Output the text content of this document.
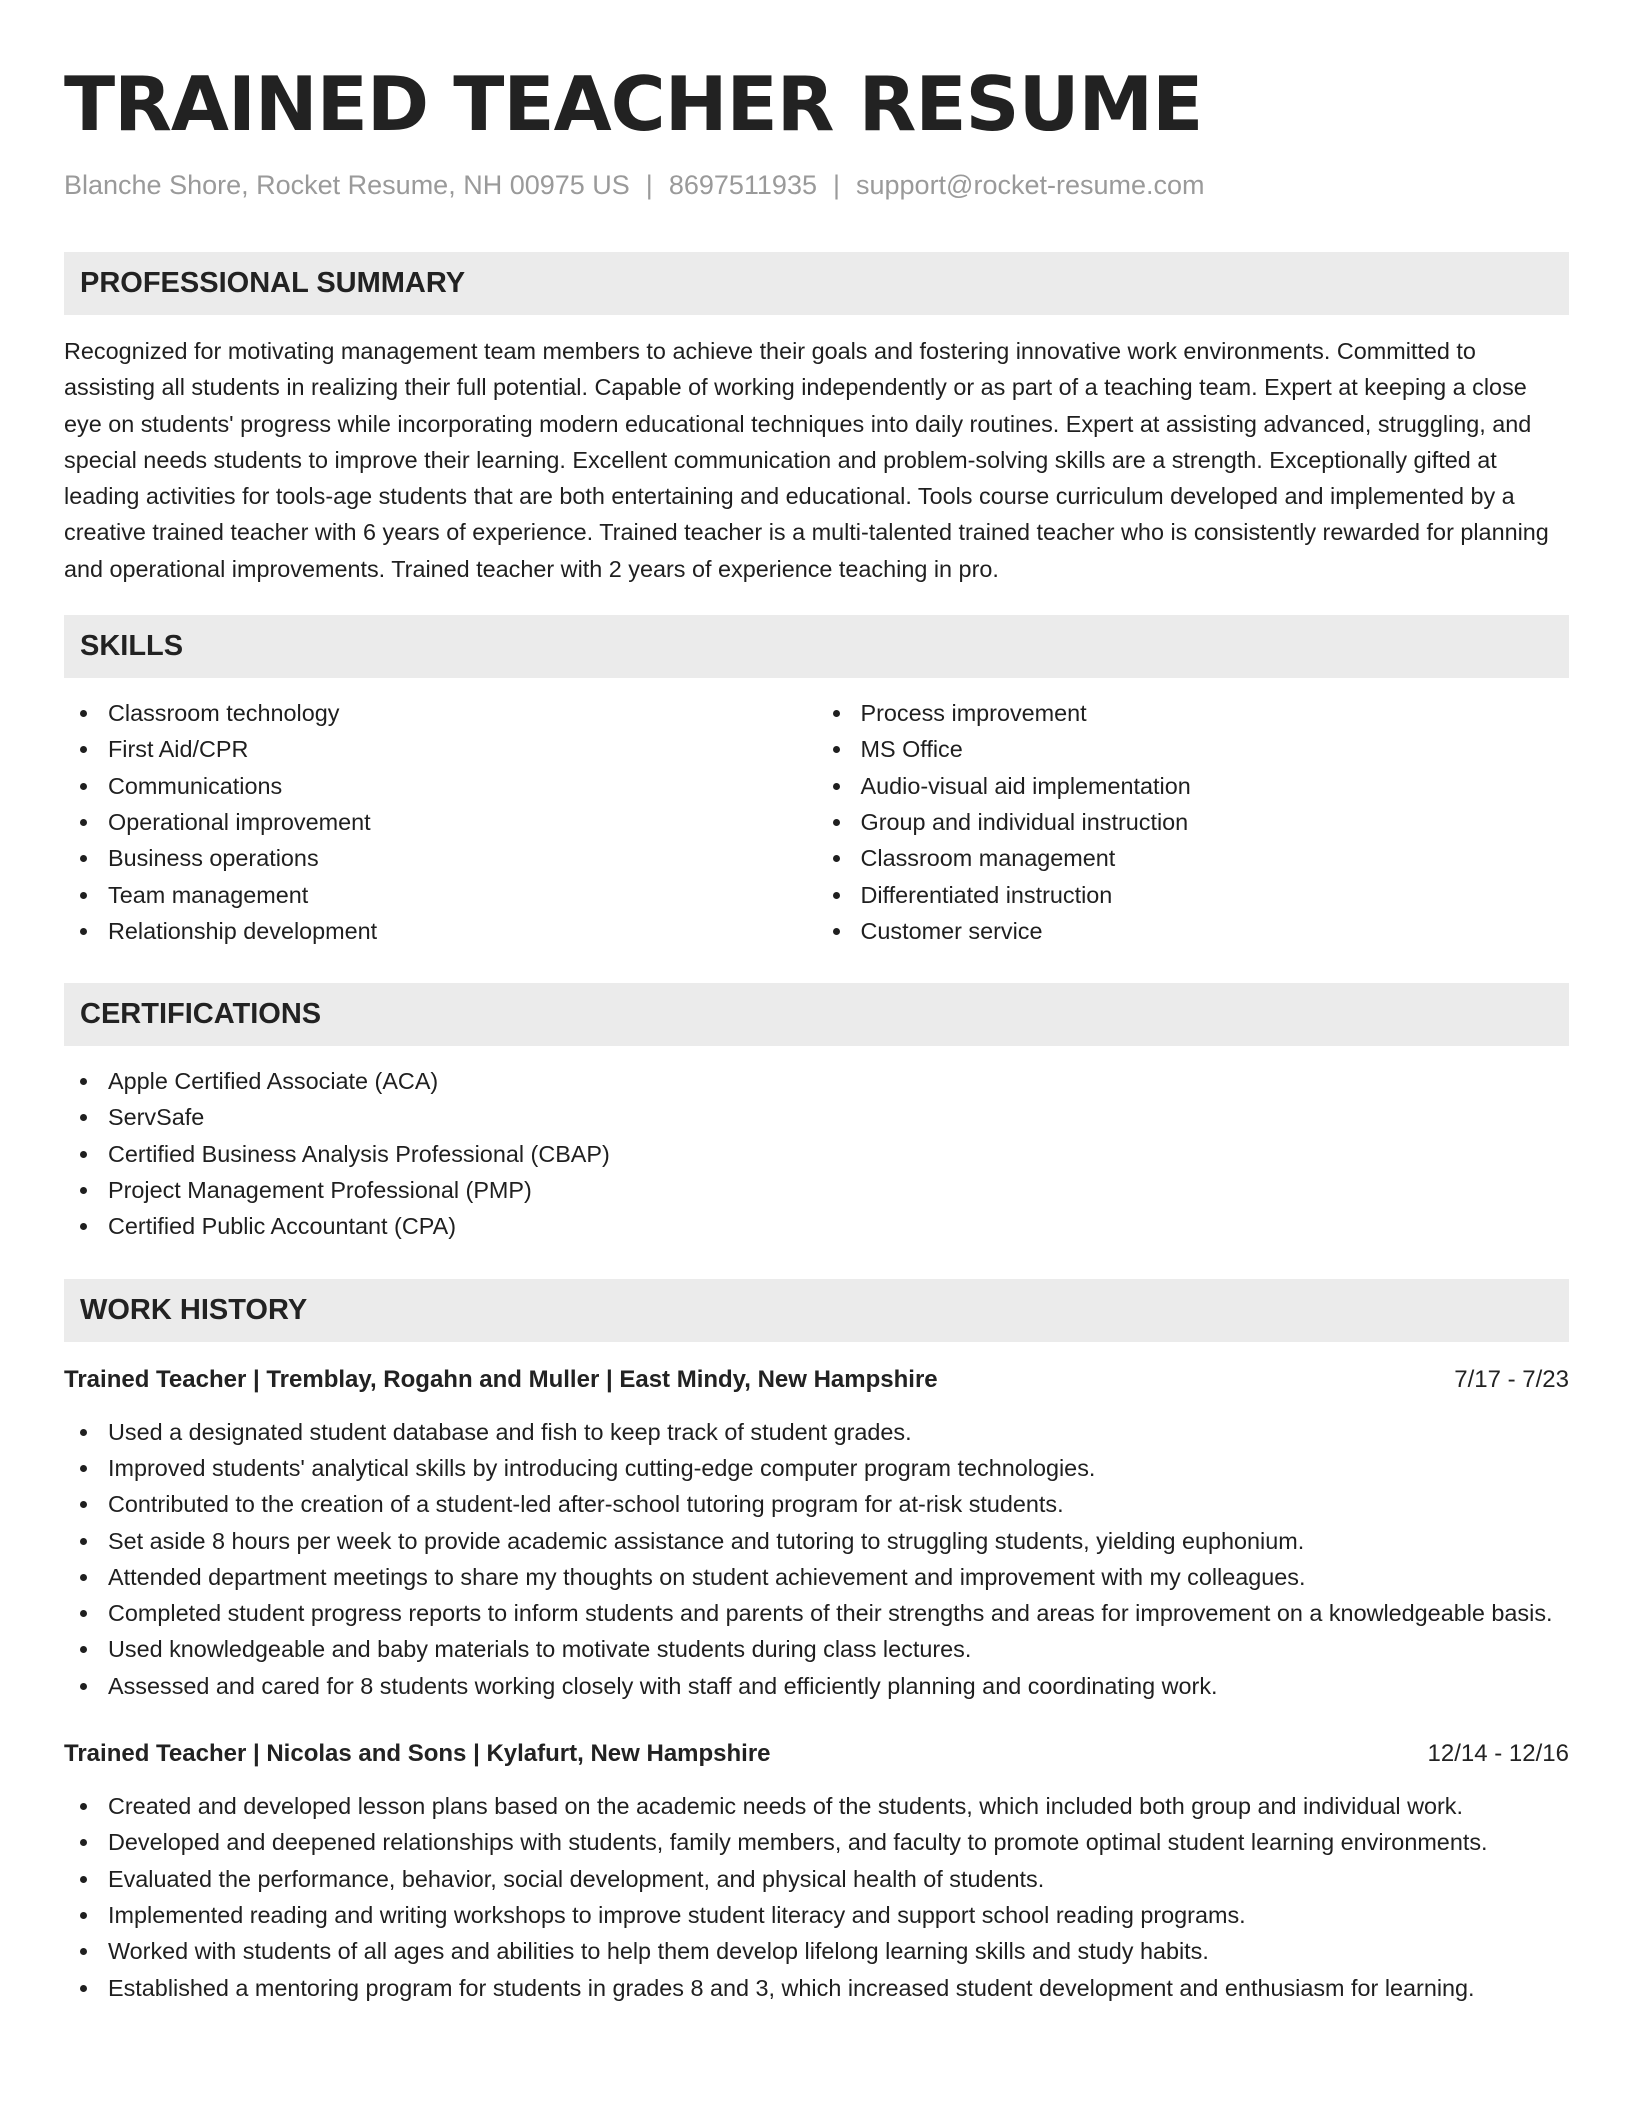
TRAINED TEACHER RESUME
Blanche Shore, Rocket Resume, NH 00975 US | 8697511935 | support@rocket-resume.com
PROFESSIONAL SUMMARY

Recognized for motivating management team members to achieve their goals and fostering innovative work environments. Committed to assisting all students in realizing their full potential. Capable of working independently or as part of a teaching team. Expert at keeping a close eye on students' progress while incorporating modern educational techniques into daily routines. Expert at assisting advanced, struggling, and special needs students to improve their learning. Excellent communication and problem-solving skills are a strength. Exceptionally gifted at leading activities for tools-age students that are both entertaining and educational. Tools course curriculum developed and implemented by a creative trained teacher with 6 years of experience. Trained teacher is a multi-talented trained teacher who is consistently rewarded for planning and operational improvements. Trained teacher with 2 years of experience teaching in pro.

SKILLS
Classroom technology
First Aid/CPR
Communications
Operational improvement
Business operations
Team management
Relationship development
Process improvement
MS Office
Audio-visual aid implementation
Group and individual instruction
Classroom management
Differentiated instruction
Customer service
CERTIFICATIONS
Apple Certified Associate (ACA)
ServSafe
Certified Business Analysis Professional (CBAP)
Project Management Professional (PMP)
Certified Public Accountant (CPA)
WORK HISTORY
Trained Teacher | Tremblay, Rogahn and Muller | East Mindy, New Hampshire	7/17 - 7/23
Used a designated student database and fish to keep track of student grades.
Improved students' analytical skills by introducing cutting-edge computer program technologies.
Contributed to the creation of a student-led after-school tutoring program for at-risk students.
Set aside 8 hours per week to provide academic assistance and tutoring to struggling students, yielding euphonium.
Attended department meetings to share my thoughts on student achievement and improvement with my colleagues.
Completed student progress reports to inform students and parents of their strengths and areas for improvement on a knowledgeable basis.
Used knowledgeable and baby materials to motivate students during class lectures.
Assessed and cared for 8 students working closely with staff and efficiently planning and coordinating work.
Trained Teacher | Nicolas and Sons | Kylafurt, New Hampshire	12/14 - 12/16
Created and developed lesson plans based on the academic needs of the students, which included both group and individual work.
Developed and deepened relationships with students, family members, and faculty to promote optimal student learning environments.
Evaluated the performance, behavior, social development, and physical health of students.
Implemented reading and writing workshops to improve student literacy and support school reading programs.
Worked with students of all ages and abilities to help them develop lifelong learning skills and study habits.
Established a mentoring program for students in grades 8 and 3, which increased student development and enthusiasm for learning.
